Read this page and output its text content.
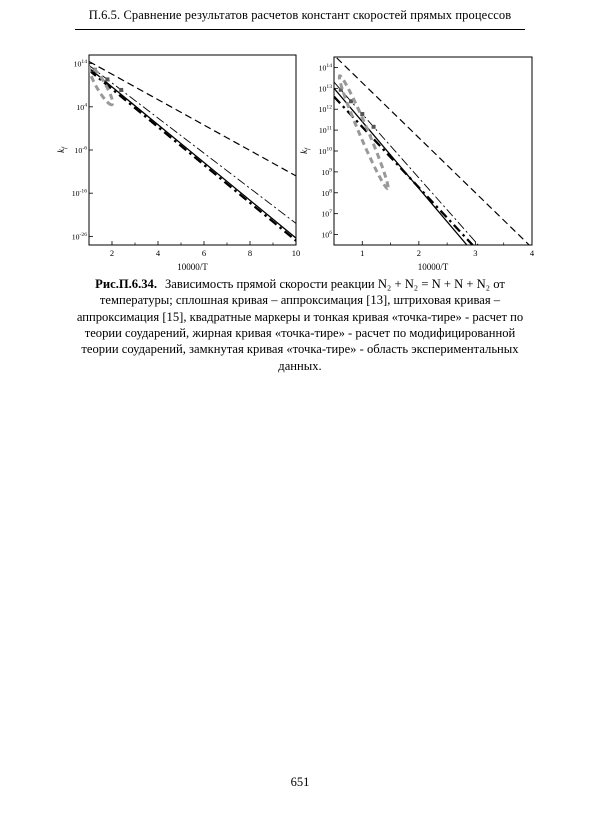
П.6.5. Сравнение результатов расчетов констант скоростей прямых процессов
2	4	6	8	10
$10^{14}$
$10^4$
$10^{-6}$
$10^{-16}$
$10^{-26}$
10000/T
$k_f$
1	2	3	4
$10^{14}$
$10^{13}$
$10^{12}$
$10^{11}$
$10^{10}$
$10^9$
$10^8$
$10^7$
$10^6$
10000/T
$k_f$

Рис.П.6.34. Зависимость прямой скорости реакции N₂ + N₂ = N + N + N₂ от температуры; сплошная кривая – аппроксимация [13], штриховая кривая – аппроксимация [15], квадратные маркеры и тонкая кривая «точка-тире» - расчет по теории соударений, жирная кривая «точка-тире» - расчет по модифицированной теории соударений, замкнутая кривая «точка-тире» - область экспериментальных данных.

651
